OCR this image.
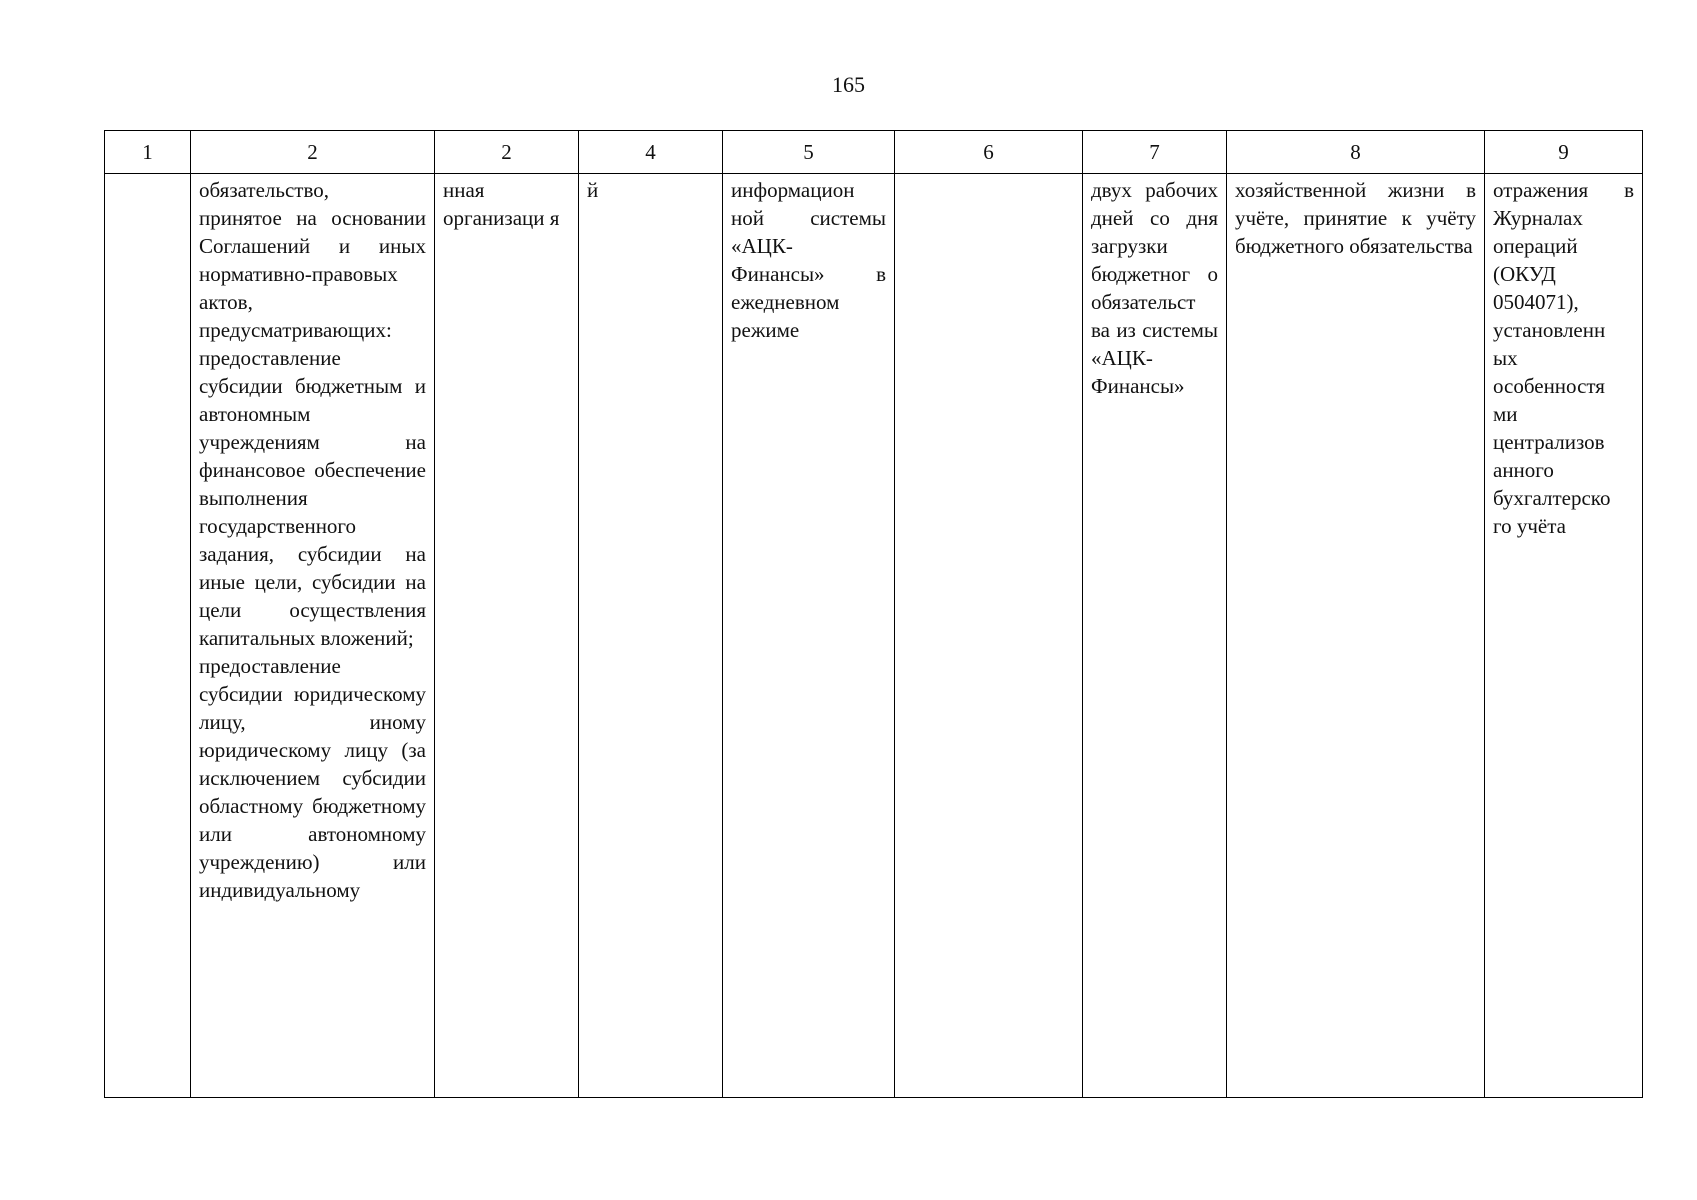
165
1	2	2	4	5	6	7	8	9
	обязательство,
принятое на основании Соглашений и иных нормативно-правовых актов, предусматривающих:
предоставление субсидии бюджетным и автономным учреждениям на финансовое обеспечение выполнения государственного задания, субсидии на иные цели, субсидии на цели осуществления капитальных вложений;
предоставление субсидии юридическому лицу, иному юридическому лицу (за исключением субсидии областному бюджетному или автономному учреждению) или индивидуальному	нная организаци я	й	информацион ной системы «АЦК-Финансы» в ежедневном режиме		двух рабочих дней со дня загрузки бюджетног о обязательст ва из системы «АЦК-Финансы»	хозяйственной жизни в учёте, принятие к учёту бюджетного обязательства	отражения в Журналах операций (ОКУД 0504071), установленн ых особенностя ми централизов анного бухгалтерско го учёта
